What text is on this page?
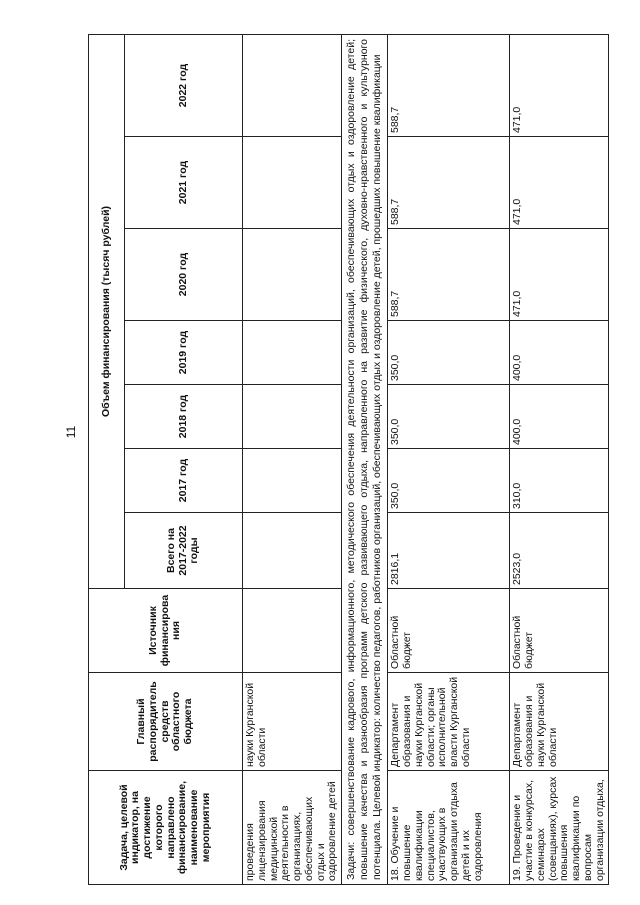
11
Задача, целевой индикатор, на достижение которого направлено финансирование, наименование мероприятия	Главный распорядитель средств областного бюджета	Источник финансирования	Объем финансирования (тысяч рублей)						
			Всего на 2017-2022 годы	2017 год	2018 год	2019 год	2020 год	2021 год	2022 год
проведения лицензирования медицинской деятельности в организациях, обеспечивающих отдых и оздоровление детей	науки Курганской области								
Задачи: совершенствование кадрового, информационного, методического обеспечения деятельности организаций, обеспечивающих отдых и оздоровление детей; повышение качества и разнообразия программ детского развивающего отдыха, направленного на развитие физического, духовно-нравственного и культурного потенциала. Целевой индикатор: количество педагогов, работников организаций, обеспечивающих отдых и оздоровление детей, прошедших повышение квалификации									
18. Обучение и повышение квалификации специалистов, участвующих в организации отдыха детей и их оздоровления	Департамент образования и науки Курганской области; органы исполнительной власти Курганской области	Областной бюджет	2816,1	350,0	350,0	350,0	588,7	588,7	588,7
19. Проведение и участие в конкурсах, семинарах (совещаниях), курсах повышения квалификации по вопросам организации отдыха,	Департамент образования и науки Курганской области	Областной бюджет	2523,0	310,0	400,0	400,0	471,0	471,0	471,0
